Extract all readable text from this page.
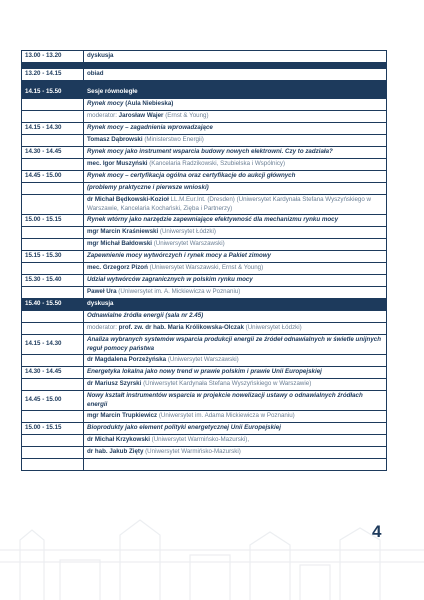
13.00 - 13.20	dyskusja

13.20 - 14.15	obiad

14.15 - 15.50	Sesje równoległe
	Rynek mocy (Aula Niebieska)
	moderator: Jarosław Wajer (Ernst & Young)
14.15 - 14.30	Rynek mocy – zagadnienia wprowadzające
	Tomasz Dąbrowski (Ministerstwo Energii)
14.30 - 14.45	Rynek mocy jako instrument wsparcia budowy nowych elektrowni. Czy to zadziała?
	mec. Igor Muszyński (Kancelaria Radzikowski, Szubielska i Wspólnicy)
14.45 - 15.00	Rynek mocy – certyfikacja ogólna oraz certyfikacje do aukcji głównych
	(problemy praktyczne i pierwsze wnioski)
	dr Michał Będkowski-Kozioł LL.M.Eur.Int. (Dresden) (Uniwersytet Kardynała Stefana Wyszyńskiego w Warszawie, Kancelaria Kochański, Zięba i Partnerzy)
15.00 - 15.15	Rynek wtórny jako narzędzie zapewniające efektywność dla mechanizmu rynku mocy
	mgr Marcin Kraśniewski (Uniwersytet Łódzki)
	mgr Michał Bałdowski (Uniwersytet Warszawski)
15.15 - 15.30	Zapewnienie mocy wytwórczych i rynek mocy a Pakiet zimowy
	mec. Grzegorz Pizoń (Uniwersytet Warszawski, Ernst & Young)
15.30 - 15.40	Udział wytwórców zagranicznych w polskim rynku mocy
	Paweł Ura (Uniwersytet im. A. Mickiewicza w Poznaniu)
15.40 - 15.50	dyskusja
	Odnawialne źródła energii (sala nr 2.45)
	moderator: prof. zw. dr hab. Maria Królikowska-Olczak (Uniwersytet Łódzki)
14.15 - 14.30	Analiza wybranych systemów wsparcia produkcji energii ze źródeł odnawialnych w świetle unijnych reguł pomocy państwa
	dr Magdalena Porzeżyńska (Uniwersytet Warszawski)
14.30 - 14.45	Energetyka lokalna jako nowy trend w prawie polskim i prawie Unii Europejskiej
	dr Mariusz Szyrski (Uniwersytet Kardynała Stefana Wyszyńskiego w Warszawie)
14.45 - 15.00	Nowy kształt instrumentów wsparcia w projekcie nowelizacji ustawy o odnawialnych źródłach energii
	mgr Marcin Trupkiewicz (Uniwersytet im. Adama Mickiewicza w Poznaniu)
15.00 - 15.15	Bioprodukty jako element polityki energetycznej Unii Europejskiej
	dr Michał Krzykowski (Uniwersytet Warmińsko-Mazurski),
	dr hab. Jakub Zięty (Uniwersytet Warmińsko-Mazurski)

4
